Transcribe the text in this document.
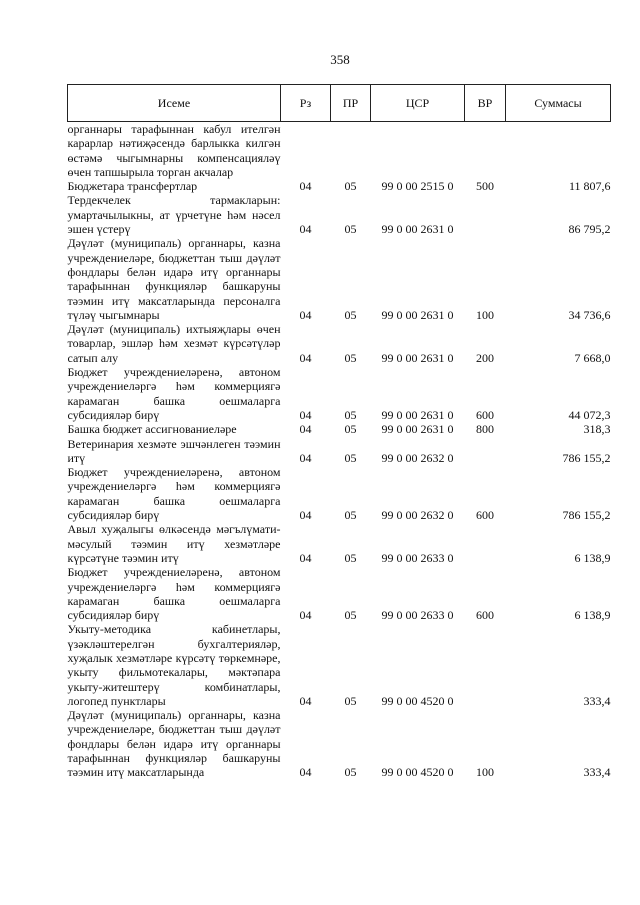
358
Исеме	Рз	ПР	ЦСР	ВР	Суммасы
органнары тарафыннан кабул ителгән карарлар нәтиҗәсендә барлыкка килгән өстәмә чыгымнарны компенсацияләү өчен тапшырыла торган акчалар					
Бюджетара трансфертлар	04	05	99 0 00 2515 0	500	11 807,6
Тердекчелек тармакларын: умартачылыкны, ат үрчетүне һәм нәсел эшен үстерү	04	05	99 0 00 2631 0		86 795,2
Дәүләт (муниципаль) органнары, казна учреждениеләре, бюджеттан тыш дәүләт фондлары белән идарә итү органнары тарафыннан функцияләр башкаруны тәэмин итү максатларында персоналга түләү чыгымнары	04	05	99 0 00 2631 0	100	34 736,6
Дәүләт (муниципаль) ихтыяҗлары өчен товарлар, эшләр һәм хезмәт күрсәтүләр сатып алу	04	05	99 0 00 2631 0	200	7 668,0
Бюджет учреждениеләренә, автоном учреждениеләргә һәм коммерциягә карамаган башка оешмаларга субсидияләр бирү	04	05	99 0 00 2631 0	600	44 072,3
Башка бюджет ассигнованиеләре	04	05	99 0 00 2631 0	800	318,3
Ветеринария хезмәте эшчәнлеген тәэмин итү	04	05	99 0 00 2632 0		786 155,2
Бюджет учреждениеләренә, автоном учреждениеләргә һәм коммерциягә карамаган башка оешмаларга субсидияләр бирү	04	05	99 0 00 2632 0	600	786 155,2
Авыл хуҗалыгы өлкәсендә мәгълүмати-мәсулый тәэмин итү хезмәтләре күрсәтүне тәэмин итү	04	05	99 0 00 2633 0		6 138,9
Бюджет учреждениеләренә, автоном учреждениеләргә һәм коммерциягә карамаган башка оешмаларга субсидияләр бирү	04	05	99 0 00 2633 0	600	6 138,9
Укыту-методика кабинетлары, үзәкләштерелгән бухгалтерияләр, хуҗалык хезмәтләре күрсәтү төркемнәре, укыту фильмотекалары, мәктәпара укыту-житештерү комбинатлары, логопед пунктлары	04	05	99 0 00 4520 0		333,4
Дәүләт (муниципаль) органнары, казна учреждениеләре, бюджеттан тыш дәүләт фондлары белән идарә итү органнары тарафыннан функцияләр башкаруны тәэмин итү максатларында	04	05	99 0 00 4520 0	100	333,4
